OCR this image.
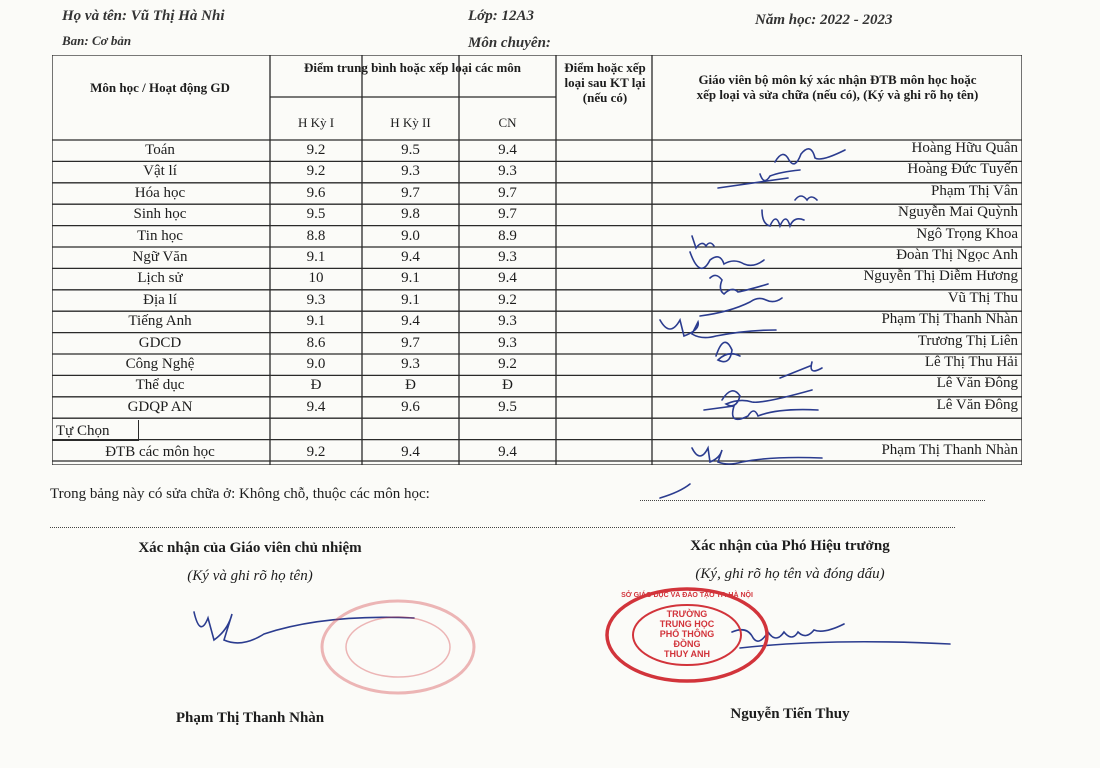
Họ và tên: Vũ Thị Hà Nhi	Lớp: 12A3	Năm học: 2022 - 2023
Ban: Cơ bản	Môn chuyên:
Môn học / Hoạt động GD
Điểm trung bình hoặc xếp loại các môn
H Kỳ I	H Kỳ II	CN
Điểm hoặc xếp loại sau KT lại (nếu có)
Giáo viên bộ môn ký xác nhận ĐTB môn học hoặc xếp loại và sửa chữa (nếu có), (Ký và ghi rõ họ tên)
Toán	9.2	9.5	9.4	Hoàng Hữu Quân
Vật lí	9.2	9.3	9.3	Hoàng Đức Tuyến
Hóa học	9.6	9.7	9.7	Phạm Thị Vân
Sinh học	9.5	9.8	9.7	Nguyễn Mai Quỳnh
Tin học	8.8	9.0	8.9	Ngô Trọng Khoa
Ngữ Văn	9.1	9.4	9.3	Đoàn Thị Ngọc Anh
Lịch sử	10	9.1	9.4	Nguyễn Thị Diễm Hương
Địa lí	9.3	9.1	9.2	Vũ Thị Thu
Tiếng Anh	9.1	9.4	9.3	Phạm Thị Thanh Nhàn
GDCD	8.6	9.7	9.3	Trương Thị Liên
Công Nghệ	9.0	9.3	9.2	Lê Thị Thu Hải
Thể dục	Đ	Đ	Đ	Lê Văn Đông
GDQP AN	9.4	9.6	9.5	Lê Văn Đông
Tự Chọn
ĐTB các môn học	9.2	9.4	9.4	Phạm Thị Thanh Nhàn
Trong bảng này có sửa chữa ở: Không chỗ, thuộc các môn học:
Xác nhận của Giáo viên chủ nhiệm
(Ký và ghi rõ họ tên)
Phạm Thị Thanh Nhàn
Xác nhận của Phó Hiệu trưởng
(Ký, ghi rõ họ tên và đóng dấu)
Nguyễn Tiến Thuy
SỞ GIÁO DỤC VÀ ĐÀO TẠO TP. HÀ NỘI
TRƯỜNG
TRUNG HỌC
PHỔ THÔNG
ĐỒNG
THUY ANH
